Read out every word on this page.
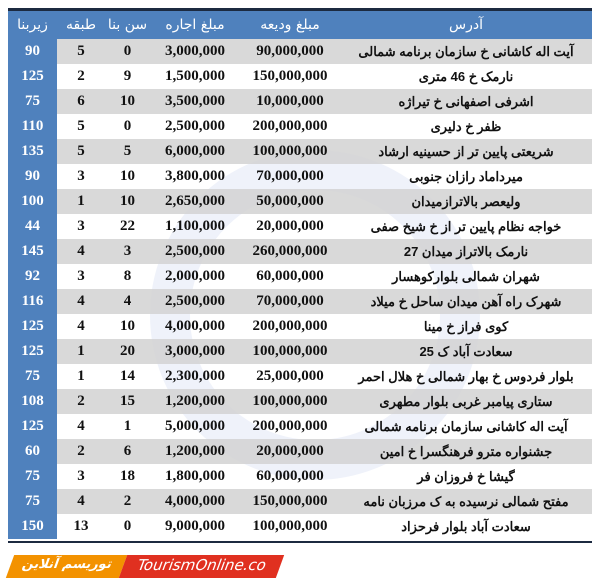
آدرس	مبلغ ودیعه	مبلغ اجاره	سن بنا	طبقه	زیربنا
آیت اله کاشانی خ سازمان برنامه شمالی	90,000,000	3,000,000	0	5	90
نارمک خ 46 متری	150,000,000	1,500,000	9	2	125
اشرفی اصفهانی خ تیراژه	10,000,000	3,500,000	10	6	75
ظفر خ دلیری	200,000,000	2,500,000	0	5	110
شریعتی پایین تر از حسینیه ارشاد	100,000,000	6,000,000	5	5	135
میرداماد رازان جنوبی	70,000,000	3,800,000	10	3	90
ولیعصر بالاترازمیدان	50,000,000	2,650,000	10	1	100
خواجه نظام پایین تر از خ شیخ صفی	20,000,000	1,100,000	22	3	44
نارمک بالاتراز میدان 27	260,000,000	2,500,000	3	4	145
شهران شمالی بلوارکوهسار	60,000,000	2,000,000	8	3	92
شهرک راه آهن میدان ساحل خ میلاد	70,000,000	2,500,000	4	4	116
کوی فراز خ مینا	200,000,000	4,000,000	10	4	125
سعادت آباد ک 25	100,000,000	3,000,000	20	1	125
بلوار فردوس خ بهار شمالی خ هلال احمر	25,000,000	2,300,000	14	1	75
ستاری پیامبر غربی بلوار مطهری	100,000,000	1,200,000	15	2	108
آیت اله کاشانی سازمان برنامه شمالی	200,000,000	5,000,000	1	4	125
جشنواره مترو فرهنگسرا خ امین	20,000,000	1,200,000	6	2	60
گیشا خ فروزان فر	60,000,000	1,800,000	18	3	75
مفتح شمالی نرسیده به ک مرزبان نامه	150,000,000	4,000,000	2	4	75
سعادت آباد بلوار فرحزاد	100,000,000	9,000,000	0	13	150
توریسم آنلاین	TourismOnline.co
